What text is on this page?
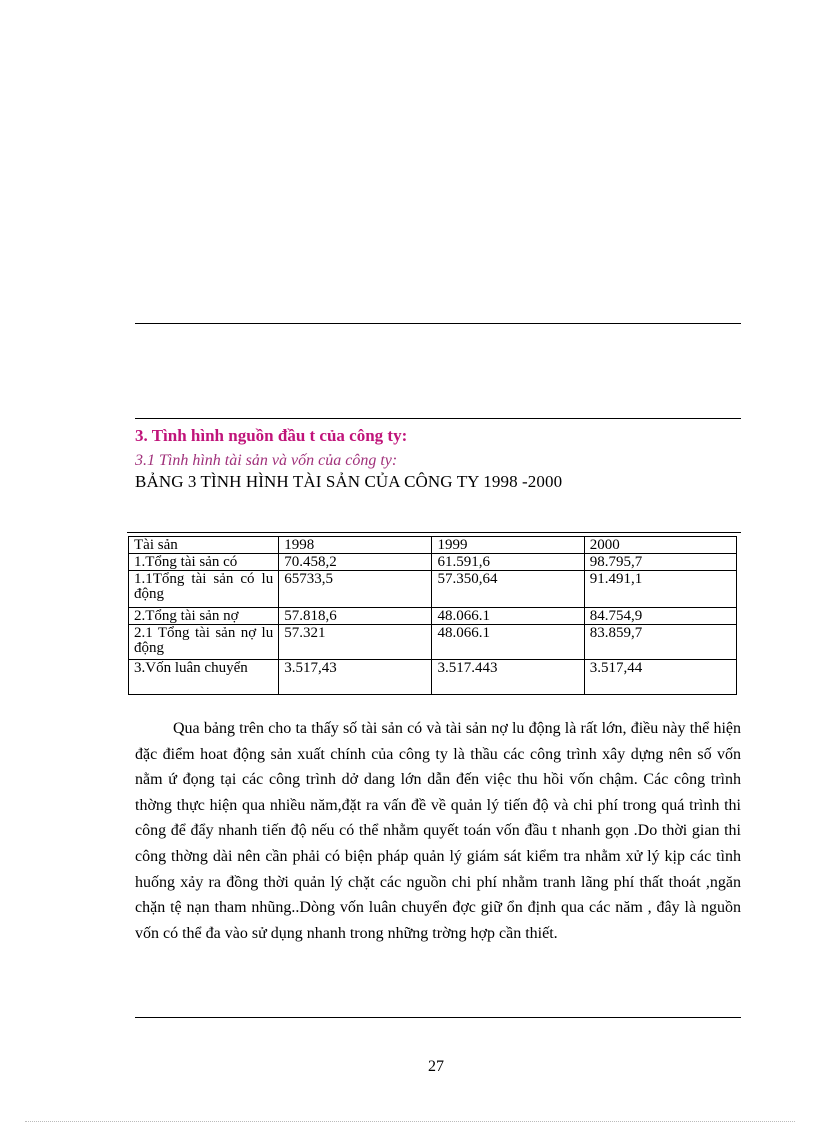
3. Tình hình nguồn đầu t của công ty:

3.1 Tình hình tài sản và vốn của công ty:

BẢNG 3 TÌNH HÌNH TÀI SẢN CỦA CÔNG TY 1998 -2000

Tài sản	1998	1999	2000
1.Tổng tài sản có	70.458,2	61.591,6	98.795,7
1.1Tổng tài sản có lu động	65733,5	57.350,64	91.491,1
2.Tổng tài sản nợ	57.818,6	48.066.1	84.754,9
2.1 Tổng tài sản nợ lu động	57.321	48.066.1	83.859,7
3.Vốn luân chuyển	3.517,43	3.517.443	3.517,44

Qua bảng trên cho ta thấy số tài sản có và tài sản nợ lu động là rất lớn, điều này thể hiện đặc điểm hoat động sản xuất chính của công ty là thầu các công trình xây dựng nên số vốn nằm ứ đọng tại các công trình dở dang lớn dẫn đến việc thu hồi vốn chậm. Các công trình thờng thực hiện qua nhiều năm,đặt ra vấn đề về quản lý tiến độ và chi phí trong quá trình thi công để đẩy nhanh tiến độ nếu có thể nhằm quyết toán vốn đầu t nhanh gọn .Do thời gian thi công thờng dài nên cần phải có biện pháp quản lý giám sát kiểm tra nhằm xử lý kịp các tình huống xảy ra đồng thời quản lý chặt các nguồn chi phí nhằm tranh lãng phí thất thoát ,ngăn chặn tệ nạn tham nhũng..Dòng vốn luân chuyển đợc giữ ổn định qua các năm , đây là nguồn vốn có thể đa vào sử dụng nhanh trong những trờng hợp cần thiết.

27
